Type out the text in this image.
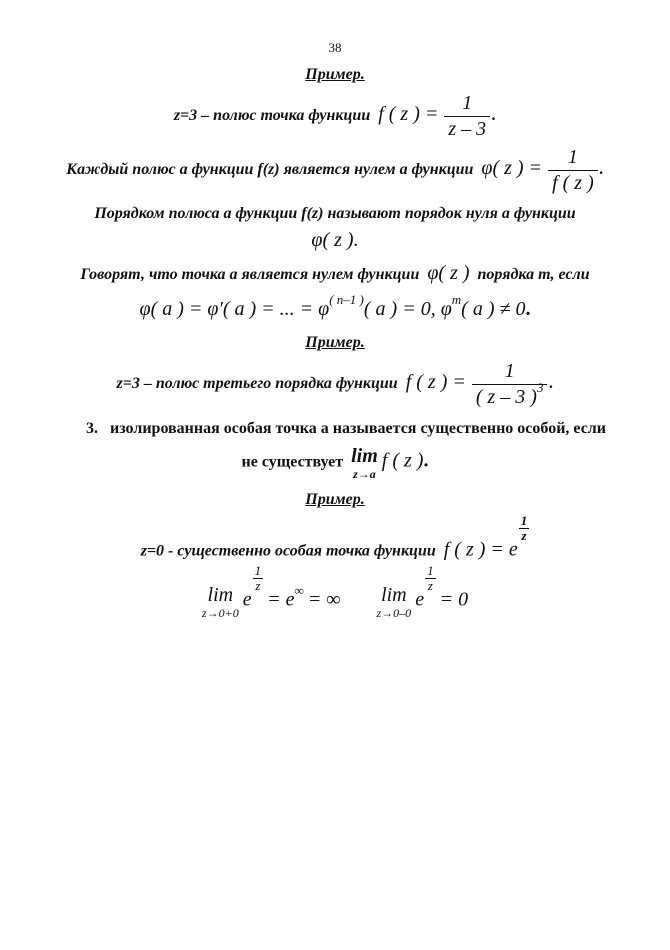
38
Пример.
z=3 – полюс точка функции f ( z ) = $\frac{1}{z - 3}$ .
Каждый полюс a функции f(z) является нулем a функции φ( z ) = $\frac{1}{f ( z )}$ .
Порядком полюса a функции f(z) называют порядок нуля a функции
φ( z ).
Говорят, что точка a является нулем функции φ( z ) порядка m, если
φ( a ) = φ′( a ) = ... = $\varphi^{( n-1 )}$( a ) = 0, $\varphi^m$( a ) ≠ 0.
Пример.
z=3 – полюс третьего порядка функции f ( z ) = $\frac{1}{( z - 3 )^3}$ .
3. изолированная особая точка a называется существенно особой, если
не существует lim
z→a
f ( z ).
Пример.
z=0 - существенно особая точка функции f ( z ) = e
$\frac{1}{z}$
lim
z→0+0
e
$\frac{1}{z}$
= e∞ = ∞ lim
z→0–0
e
$\frac{1}{z}$
= 0
